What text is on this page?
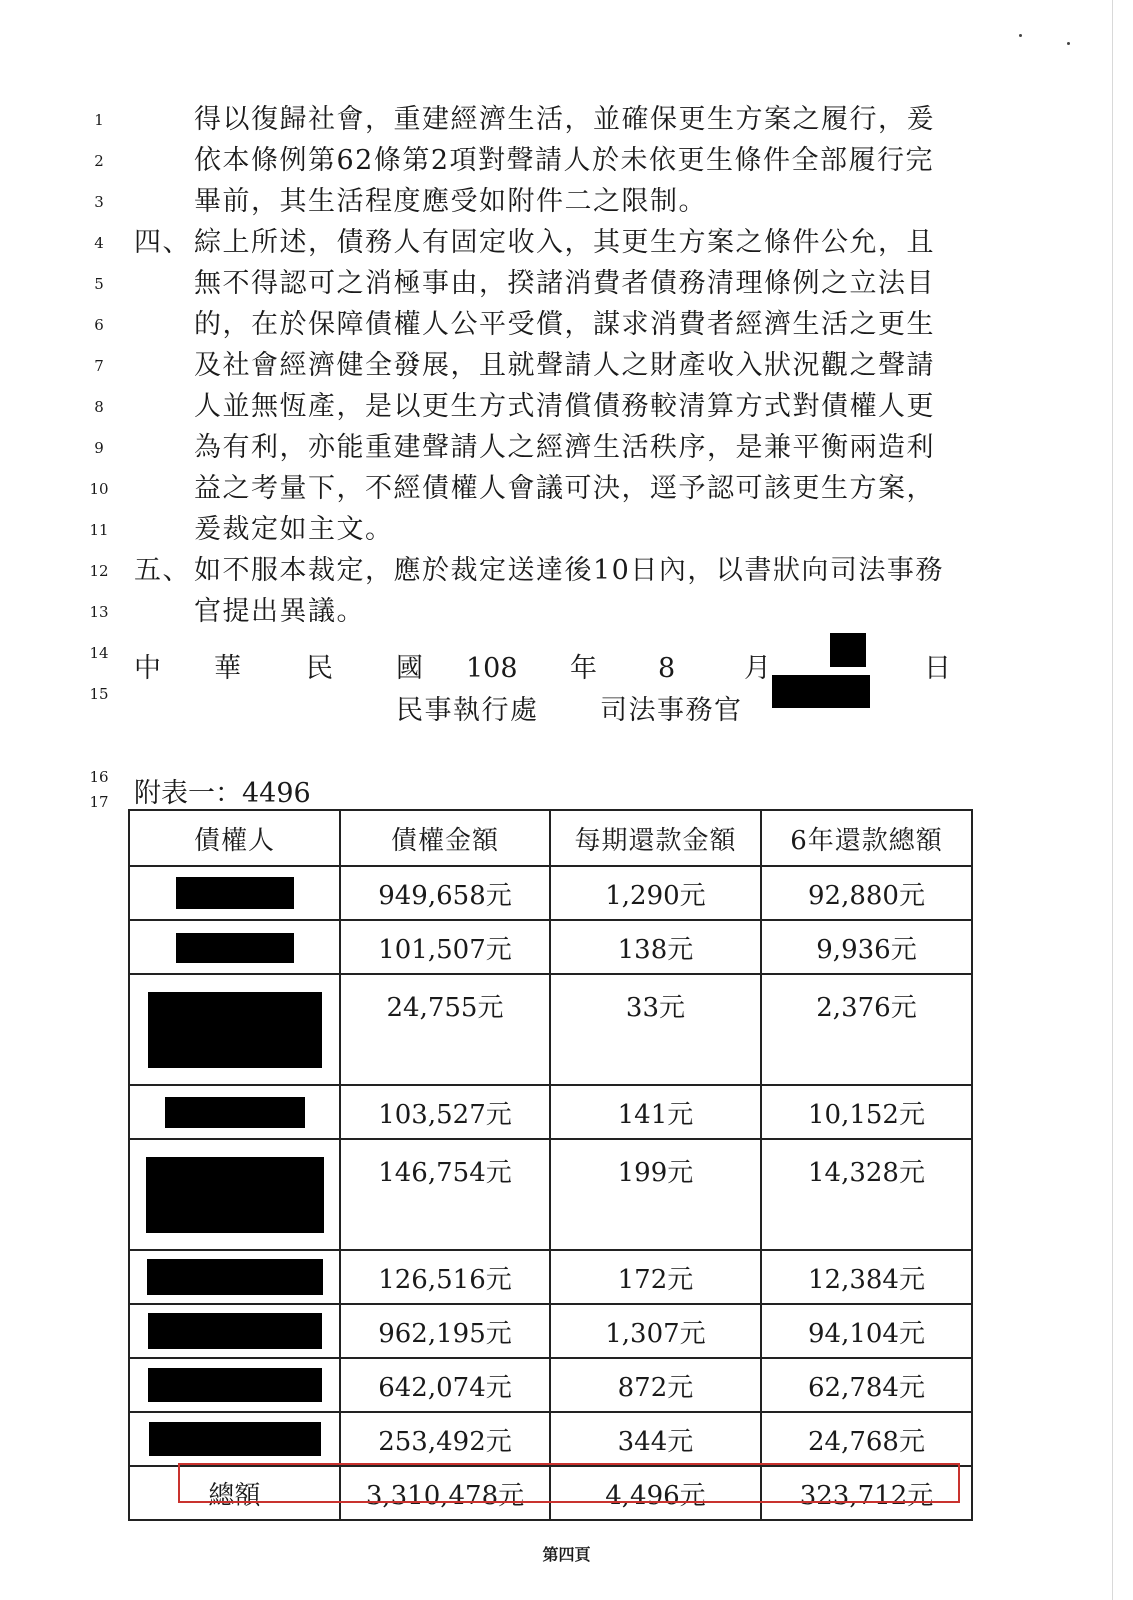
1
2
3
4
5
6
7
8
9
10
11
12
13
14
15
16
17
得以復歸社會，重建經濟生活，並確保更生方案之履行，爰
依本條例第62條第2項對聲請人於未依更生條件全部履行完
畢前，其生活程度應受如附件二之限制。
四、 綜上所述，債務人有固定收入，其更生方案之條件公允，且
無不得認可之消極事由，揆諸消費者債務清理條例之立法目
的，在於保障債權人公平受償，謀求消費者經濟生活之更生
及社會經濟健全發展，且就聲請人之財產收入狀況觀之聲請
人並無恆產，是以更生方式清償債務較清算方式對債權人更
為有利，亦能重建聲請人之經濟生活秩序，是兼平衡兩造利
益之考量下，不經債權人會議可決，逕予認可該更生方案，
爰裁定如主文。
五、 如不服本裁定，應於裁定送達後10日內，以書狀向司法事務
官提出異議。
中 華 民 國 108 年 8	月	日
民事執行處 司法事務官
附表一：4496
債權人	債權金額	每期還款金額	6年還款總額
	949,658元	1,290元	92,880元
	101,507元	138元	9,936元
	24,755元	33元	2,376元
	103,527元	141元	10,152元
	146,754元	199元	14,328元
	126,516元	172元	12,384元
	962,195元	1,307元	94,104元
	642,074元	872元	62,784元
	253,492元	344元	24,768元
總額	3,310,478元	4,496元	323,712元
第四頁
